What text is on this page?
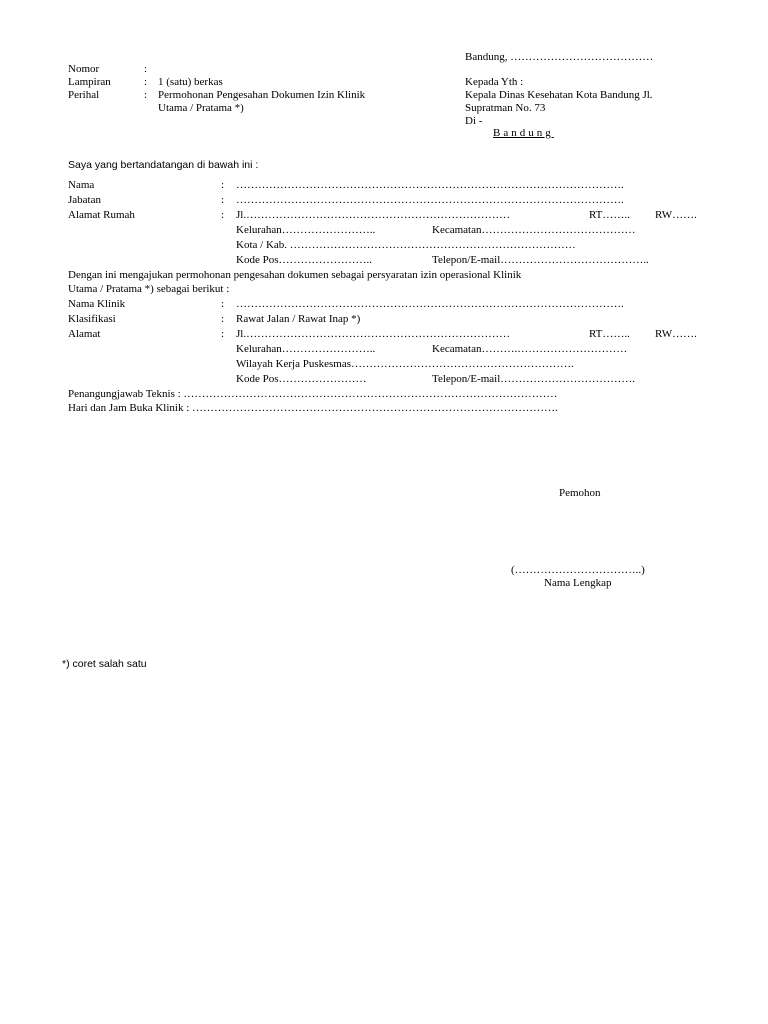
Nomor	:
Lampiran	: 1 (satu) berkas
Perihal	: Permohonan Pengesahan Dokumen Izin Klinik
Utama / Pratama *)
Bandung, …………………………………
Kepada Yth :
Kepala Dinas Kesehatan Kota Bandung Jl.
Supratman No. 73
Di -
Bandung
Saya yang bertandatangan di bawah ini :
Nama	: …………………………………………………………………………………………….
Jabatan	: …………………………………………………………………………………………….
Alamat Rumah	: Jl.………………………………………………………………	RT…….. RW…….
Kelurahan……………………..	Kecamatan……………………………………
Kota / Kab. ……………………………………………………………………
Kode Pos……………………..	Telepon/E-mail…………………………………..
Dengan ini mengajukan permohonan pengesahan dokumen sebagai persyaratan izin operasional Klinik
Utama / Pratama *) sebagai berikut :
Nama Klinik	: …………………………………………………………………………………………….
Klasifikasi	: Rawat Jalan / Rawat Inap *)
Alamat	: Jl.………………………………………………………………	RT…….. RW…….
Kelurahan……………………..	Kecamatan……….…………………………
Wilayah Kerja Puskesmas…………………………………………………….
Kode Pos……………………	Telepon/E-mail……………………………….
Penangungjawab Teknis : …………………………………………………………………………………………
Hari dan Jam Buka Klinik : ……………………………………………………………………………………….
Pemohon
(……………………………..)
Nama Lengkap
*) coret salah satu
